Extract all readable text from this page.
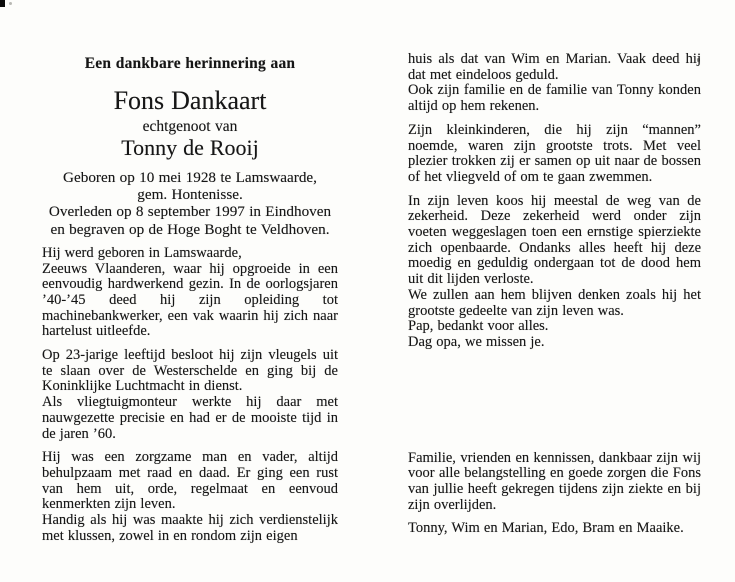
Een dankbare herinnering aan
Fons Dankaart
echtgenoot van
Tonny de Rooij
Geboren op 10 mei 1928 te Lamswaarde,
gem. Hontenisse.
Overleden op 8 september 1997 in Eindhoven
en begraven op de Hoge Boght te Veldhoven.
Hij werd geboren in Lamswaarde,
Zeeuws Vlaanderen, waar hij opgroeide in een eenvoudig hardwerkend gezin. In de oorlogsjaren ’40-’45 deed hij zijn opleiding tot machinebankwerker, een vak waarin hij zich naar hartelust uitleefde.
Op 23-jarige leeftijd besloot hij zijn vleugels uit te slaan over de Westerschelde en ging bij de Koninklijke Luchtmacht in dienst.
Als vliegtuigmonteur werkte hij daar met nauwgezette precisie en had er de mooiste tijd in de jaren ’60.
Hij was een zorgzame man en vader, altijd behulpzaam met raad en daad. Er ging een rust van hem uit, orde, regelmaat en eenvoud kenmerkten zijn leven.
Handig als hij was maakte hij zich verdienstelijk met klussen, zowel in en rondom zijn eigen
huis als dat van Wim en Marian. Vaak deed hij dat met eindeloos geduld.
Ook zijn familie en de familie van Tonny konden altijd op hem rekenen.
Zijn kleinkinderen, die hij zijn “mannen” noemde, waren zijn grootste trots. Met veel plezier trokken zij er samen op uit naar de bossen of het vliegveld of om te gaan zwemmen.
In zijn leven koos hij meestal de weg van de zekerheid. Deze zekerheid werd onder zijn voeten weggeslagen toen een ernstige spierziekte zich openbaarde. Ondanks alles heeft hij deze moedig en geduldig ondergaan tot de dood hem uit dit lijden verloste.
We zullen aan hem blijven denken zoals hij het grootste gedeelte van zijn leven was.
Pap, bedankt voor alles.
Dag opa, we missen je.
Familie, vrienden en kennissen, dankbaar zijn wij voor alle belangstelling en goede zorgen die Fons van jullie heeft gekregen tijdens zijn ziekte en bij zijn overlijden.
Tonny, Wim en Marian, Edo, Bram en Maaike.
